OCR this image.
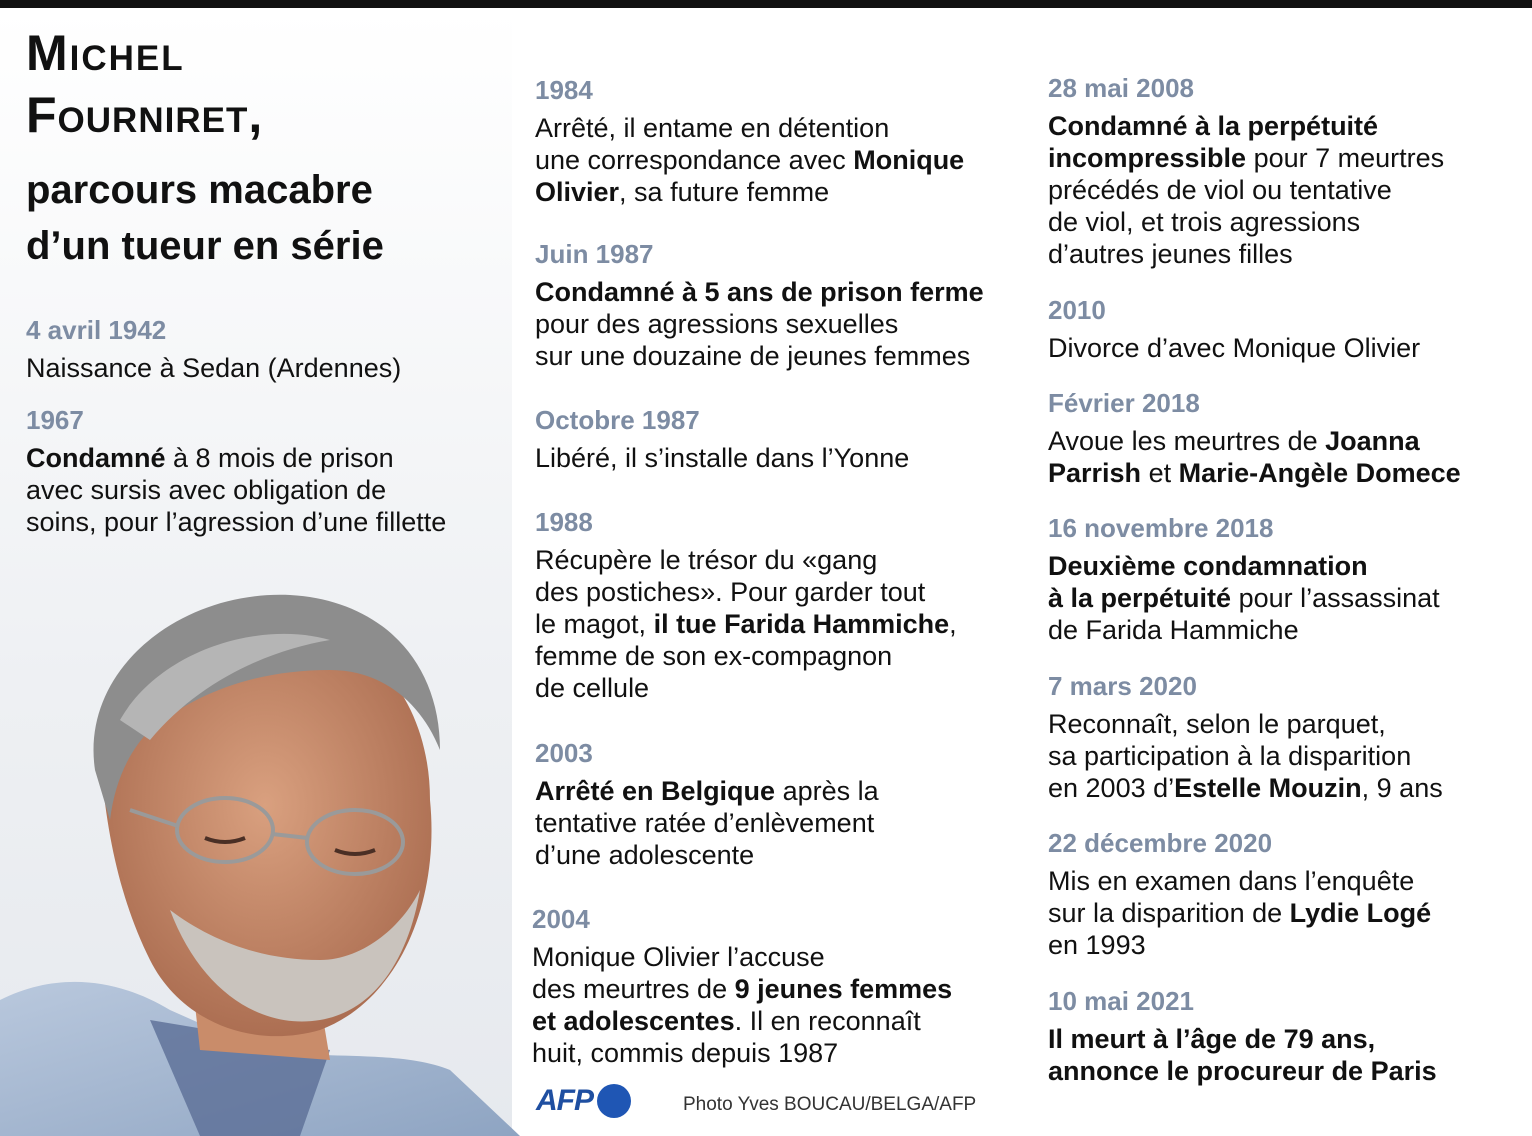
Michel
Fourniret,
parcours macabre
d’un tueur en série
4 avril 1942
Naissance à Sedan (Ardennes)
1967
Condamné à 8 mois de prison
avec sursis avec obligation de
soins, pour l’agression d’une fillette
1984
Arrêté, il entame en détention
une correspondance avec Monique
Olivier, sa future femme
Juin 1987
Condamné à 5 ans de prison ferme
pour des agressions sexuelles
sur une douzaine de jeunes femmes
Octobre 1987
Libéré, il s’installe dans l’Yonne
1988
Récupère le trésor du «gang
des postiches». Pour garder tout
le magot, il tue Farida Hammiche,
femme de son ex-compagnon
de cellule
2003
Arrêté en Belgique après la
tentative ratée d’enlèvement
d’une adolescente
2004
Monique Olivier l’accuse
des meurtres de 9 jeunes femmes
et adolescentes. Il en reconnaît
huit, commis depuis 1987
28 mai 2008
Condamné à la perpétuité
incompressible pour 7 meurtres
précédés de viol ou tentative
de viol, et trois agressions
d’autres jeunes filles
2010
Divorce d’avec Monique Olivier
Février 2018
Avoue les meurtres de Joanna
Parrish et Marie-Angèle Domece
16 novembre 2018
Deuxième condamnation
à la perpétuité pour l’assassinat
de Farida Hammiche
7 mars 2020
Reconnaît, selon le parquet,
sa participation à la disparition
en 2003 d’Estelle Mouzin, 9 ans
22 décembre 2020
Mis en examen dans l’enquête
sur la disparition de Lydie Logé
en 1993
10 mai 2021
Il meurt à l’âge de 79 ans,
annonce le procureur de Paris
AFP	Photo Yves BOUCAU/BELGA/AFP
